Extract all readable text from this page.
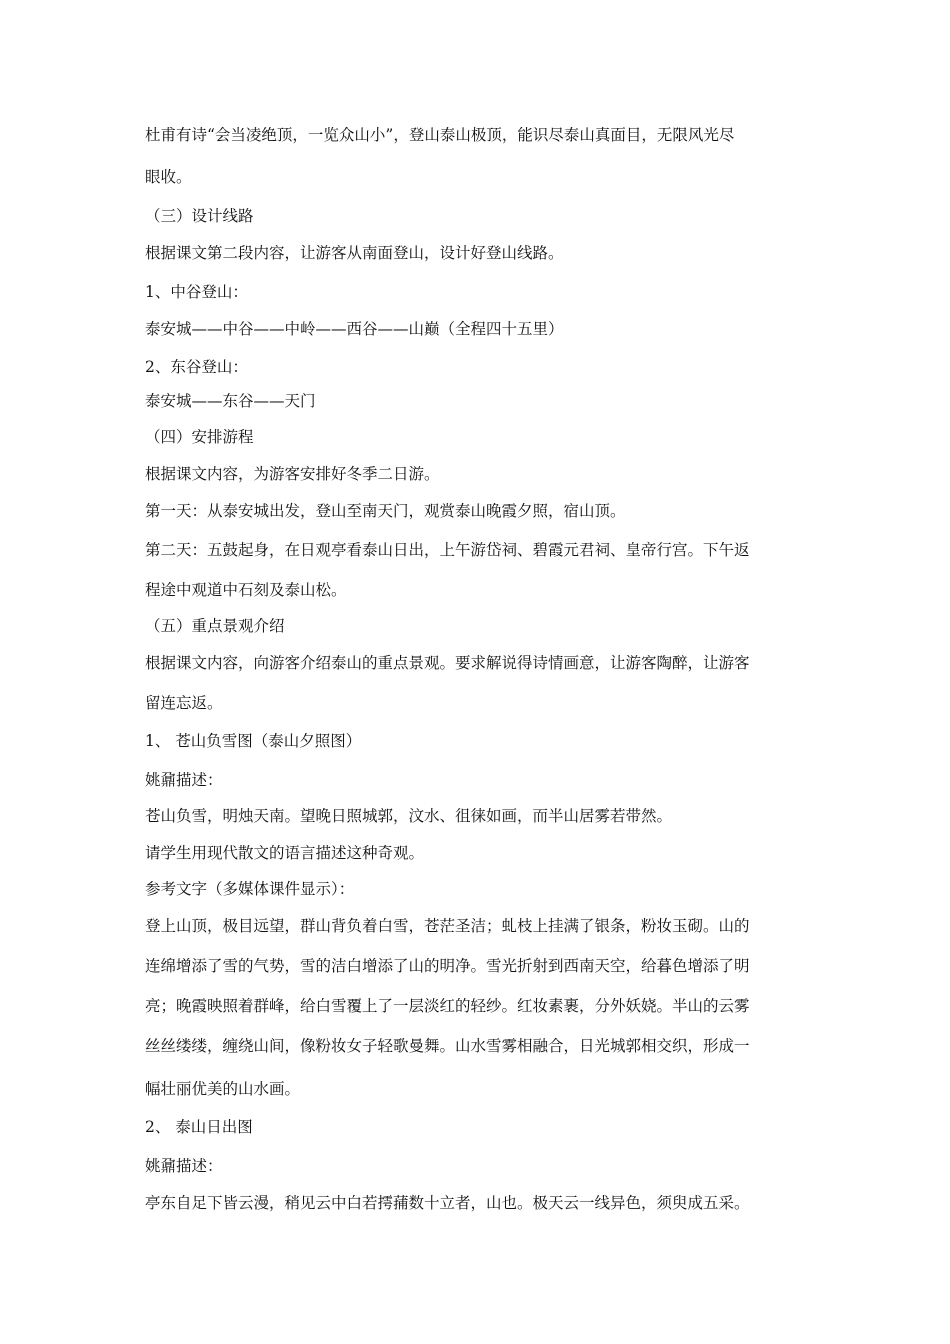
杜甫有诗“会当凌绝顶，一览众山小”，登山泰山极顶，能识尽泰山真面目，无限风光尽
眼收。
（三）设计线路
根据课文第二段内容，让游客从南面登山，设计好登山线路。
1、中谷登山：
泰安城——中谷——中岭——西谷——山巅（全程四十五里）
2、东谷登山：
泰安城——东谷——天门
（四）安排游程
根据课文内容，为游客安排好冬季二日游。
第一天：从泰安城出发，登山至南天门，观赏泰山晚霞夕照，宿山顶。
第二天：五鼓起身，在日观亭看泰山日出，上午游岱祠、碧霞元君祠、皇帝行宫。下午返
程途中观道中石刻及泰山松。
（五）重点景观介绍
根据课文内容，向游客介绍泰山的重点景观。要求解说得诗情画意，让游客陶醉，让游客
留连忘返。
1、 苍山负雪图（泰山夕照图）
姚鼐描述：
苍山负雪，明烛天南。望晚日照城郭，汶水、徂徕如画，而半山居雾若带然。
请学生用现代散文的语言描述这种奇观。
参考文字（多媒体课件显示）：
登上山顶，极目远望，群山背负着白雪，苍茫圣洁；虬枝上挂满了银条，粉妆玉砌。山的
连绵增添了雪的气势，雪的洁白增添了山的明净。雪光折射到西南天空，给暮色增添了明
亮；晚霞映照着群峰，给白雪覆上了一层淡红的轻纱。红妆素裹，分外妖娆。半山的云雾
丝丝缕缕，缠绕山间，像粉妆女子轻歌曼舞。山水雪雾相融合，日光城郭相交织，形成一
幅壮丽优美的山水画。
2、 泰山日出图
姚鼐描述：
亭东自足下皆云漫，稍见云中白若摴蒱数十立者，山也。极天云一线异色，须臾成五采。
